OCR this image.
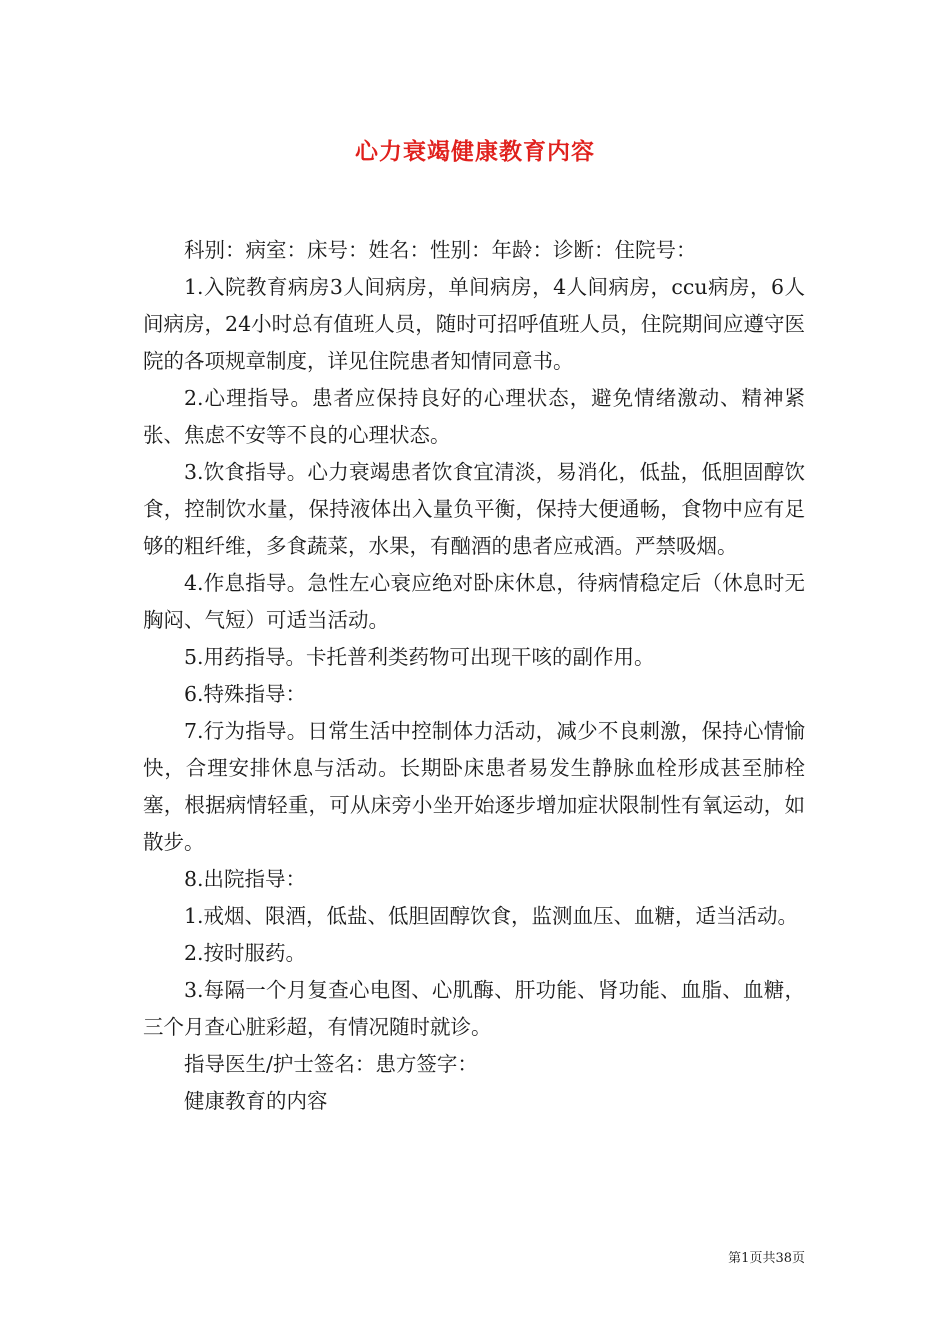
心力衰竭健康教育内容

科别：病室：床号：姓名：性别：年龄：诊断：住院号：

1.入院教育病房3人间病房，单间病房，4人间病房，ccu病房，6人间病房，24小时总有值班人员，随时可招呼值班人员，住院期间应遵守医院的各项规章制度，详见住院患者知情同意书。

2.心理指导。患者应保持良好的心理状态，避免情绪激动、精神紧张、焦虑不安等不良的心理状态。

3.饮食指导。心力衰竭患者饮食宜清淡，易消化，低盐，低胆固醇饮食，控制饮水量，保持液体出入量负平衡，保持大便通畅，食物中应有足够的粗纤维，多食蔬菜，水果，有酗酒的患者应戒酒。严禁吸烟。

4.作息指导。急性左心衰应绝对卧床休息，待病情稳定后（休息时无胸闷、气短）可适当活动。

5.用药指导。卡托普利类药物可出现干咳的副作用。

6.特殊指导：

7.行为指导。日常生活中控制体力活动，减少不良刺激，保持心情愉快，合理安排休息与活动。长期卧床患者易发生静脉血栓形成甚至肺栓塞，根据病情轻重，可从床旁小坐开始逐步增加症状限制性有氧运动，如散步。

8.出院指导：

1.戒烟、限酒，低盐、低胆固醇饮食，监测血压、血糖，适当活动。

2.按时服药。

3.每隔一个月复查心电图、心肌酶、肝功能、肾功能、血脂、血糖，三个月查心脏彩超，有情况随时就诊。

指导医生/护士签名：患方签字：

健康教育的内容

第1页共38页
